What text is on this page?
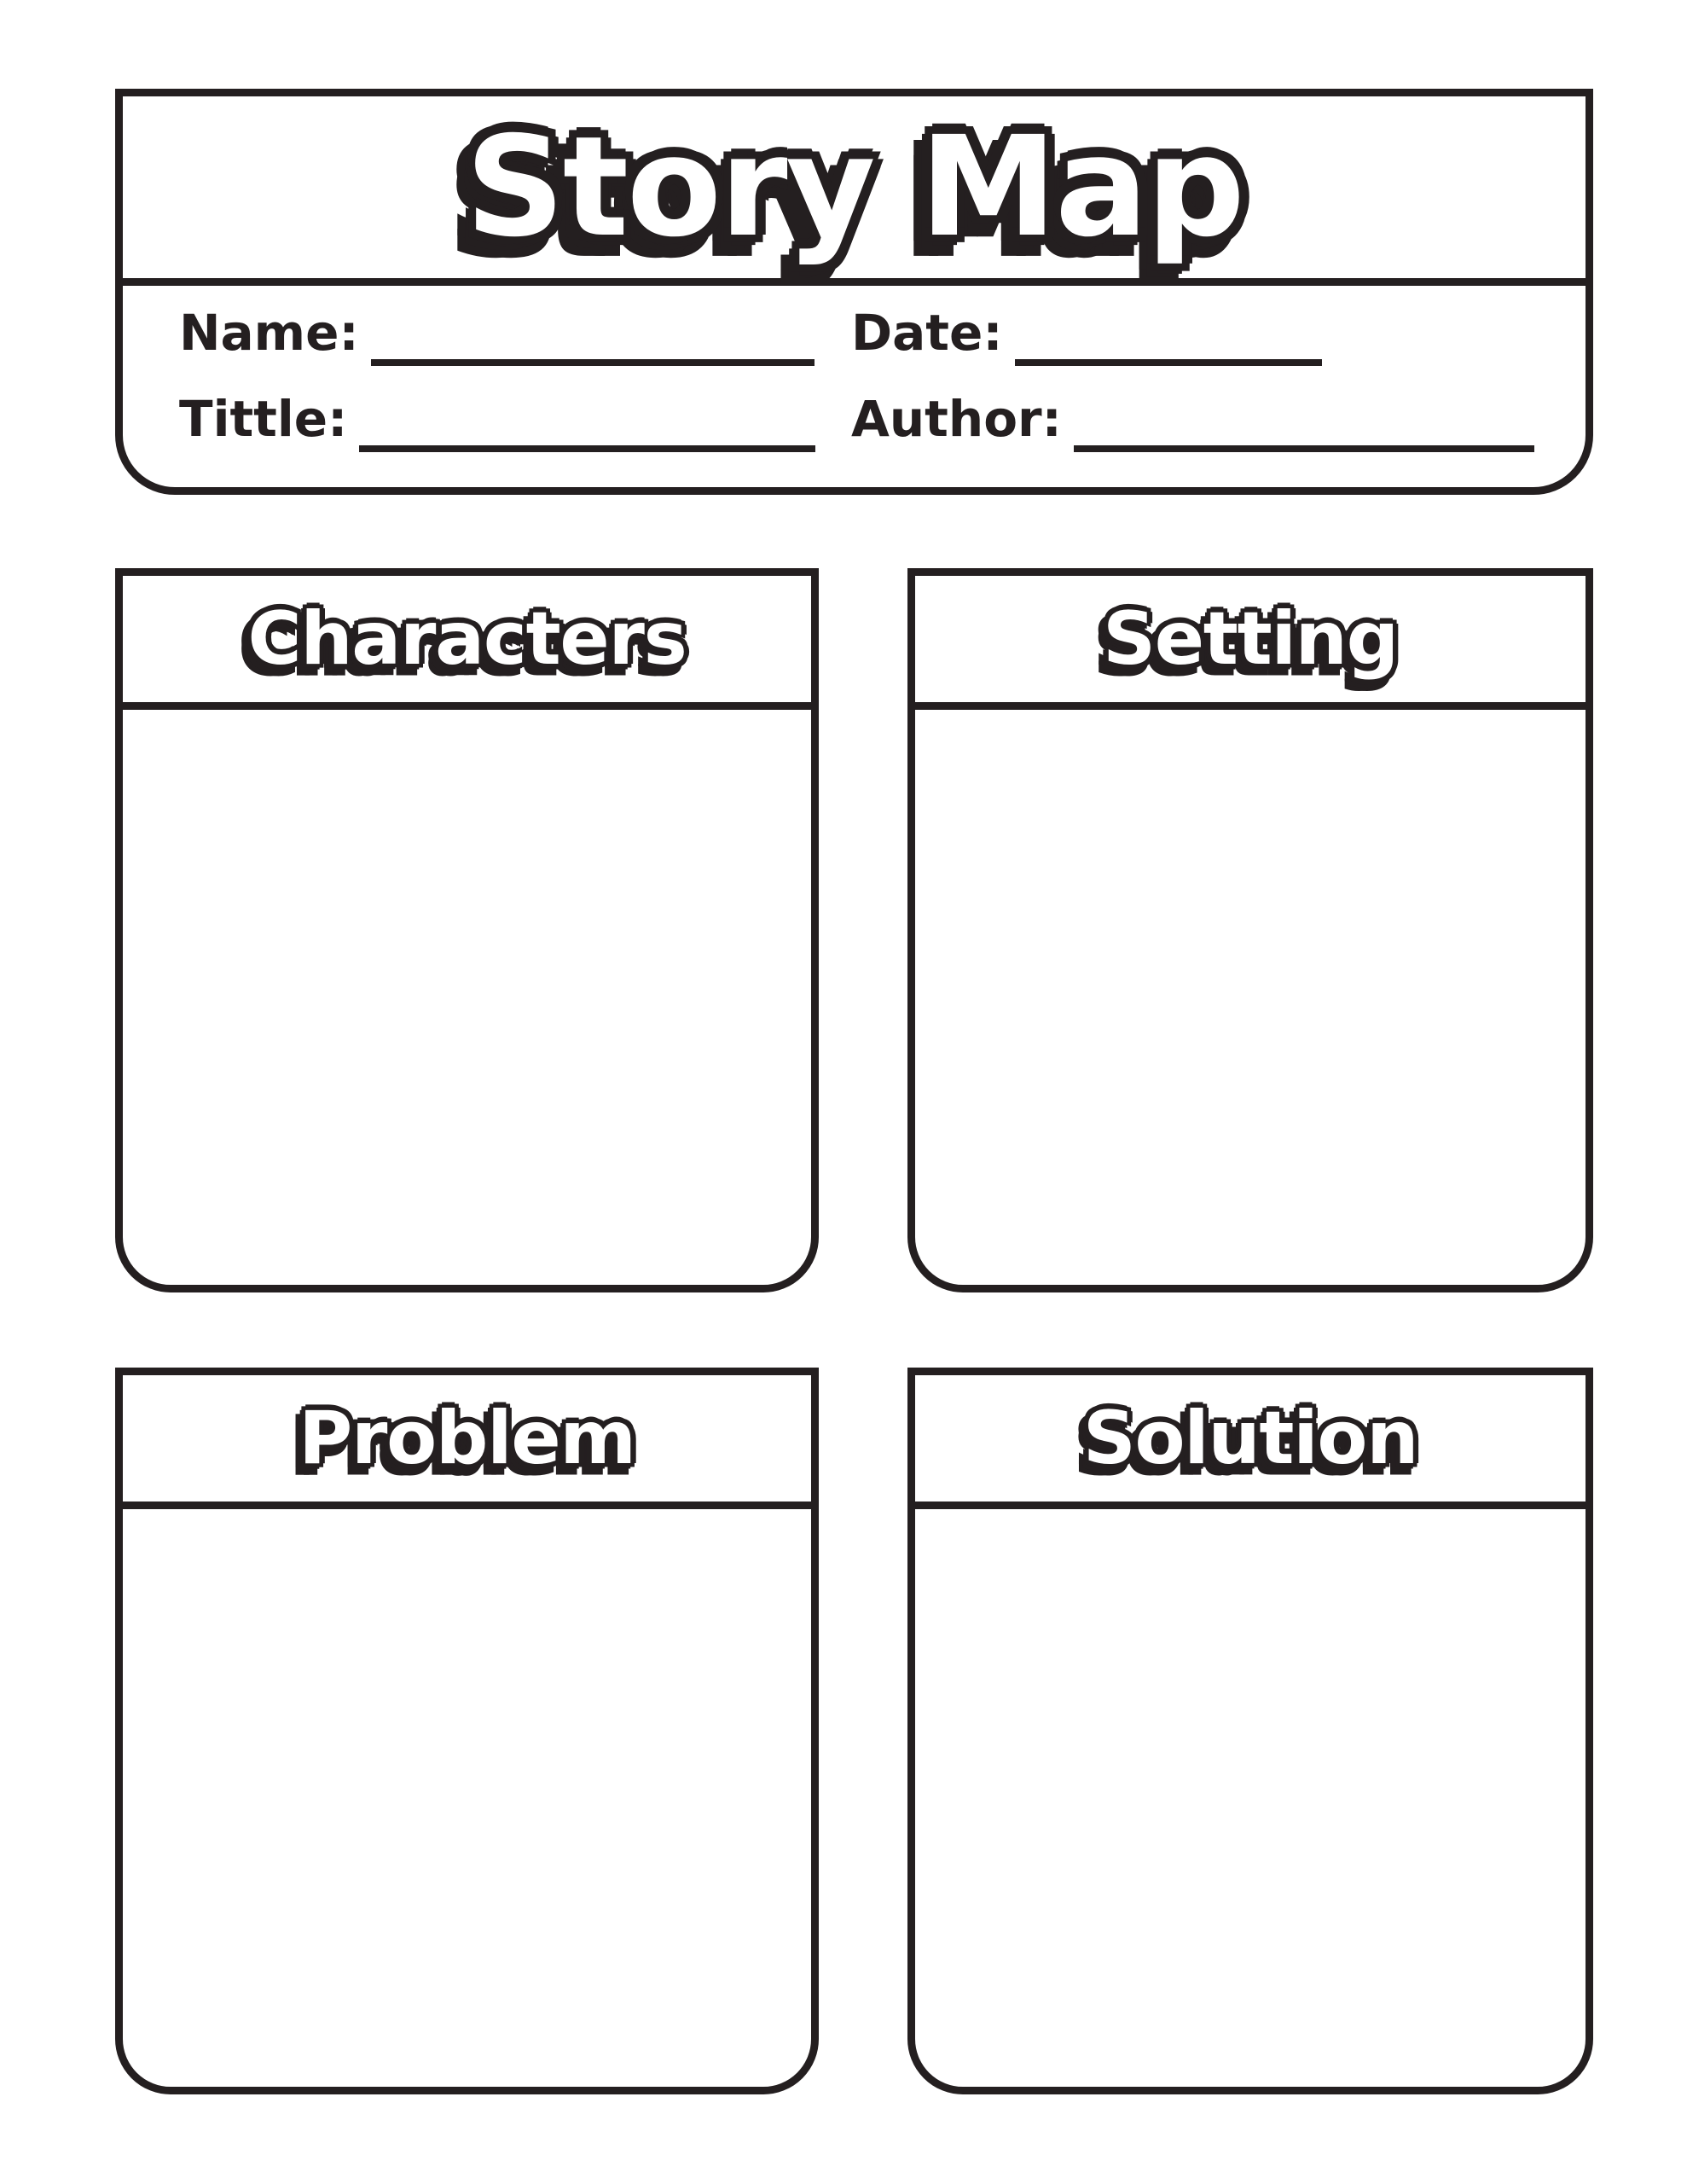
Story Map Story Map
Name:	Date:
Tittle:	Author:
Characters Characters	Setting Setting
Problem Problem	Solution Solution
